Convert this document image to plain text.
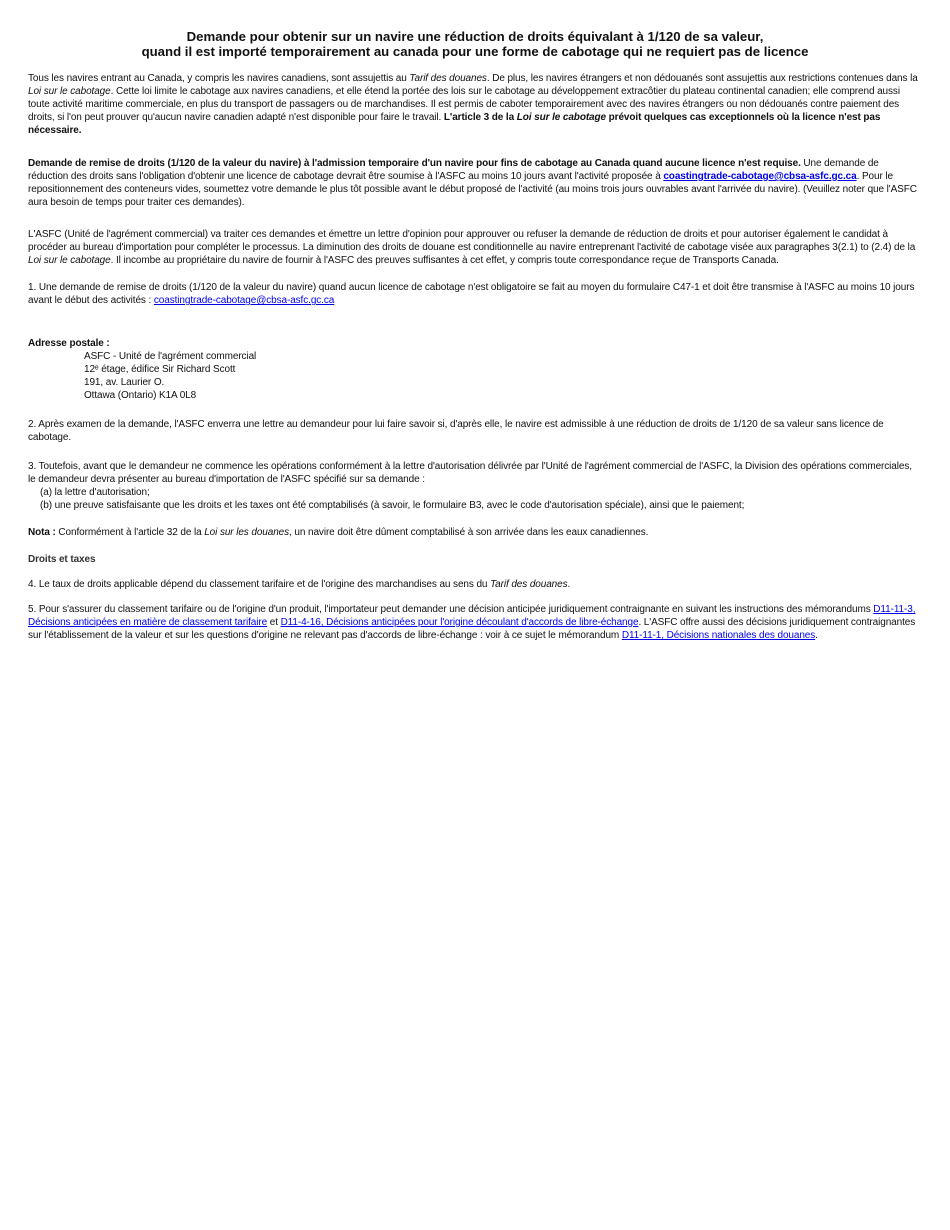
Demande pour obtenir sur un navire une réduction de droits équivalant à 1/120 de sa valeur,
quand il est importé temporairement au canada pour une forme de cabotage qui ne requiert pas de licence

Tous les navires entrant au Canada, y compris les navires canadiens, sont assujettis au Tarif des douanes. De plus, les navires étrangers et non dédouanés sont assujettis aux restrictions contenues dans la Loi sur le cabotage. Cette loi limite le cabotage aux navires canadiens, et elle étend la portée des lois sur le cabotage au développement extracôtier du plateau continental canadien; elle comprend aussi toute activité maritime commerciale, en plus du transport de passagers ou de marchandises. Il est permis de caboter temporairement avec des navires étrangers ou non dédouanés contre paiement des droits, si l'on peut prouver qu'aucun navire canadien adapté n'est disponible pour faire le travail. L'article 3 de la Loi sur le cabotage prévoit quelques cas exceptionnels où la licence n'est pas nécessaire.

Demande de remise de droits (1/120 de la valeur du navire) à l'admission temporaire d'un navire pour fins de cabotage au Canada quand aucune licence n'est requise. Une demande de réduction des droits sans l'obligation d'obtenir une licence de cabotage devrait être soumise à l'ASFC au moins 10 jours avant l'activité proposée à coastingtrade-cabotage@cbsa-asfc.gc.ca. Pour le repositionnement des conteneurs vides, soumettez votre demande le plus tôt possible avant le début proposé de l'activité (au moins trois jours ouvrables avant l'arrivée du navire). (Veuillez noter que l'ASFC aura besoin de temps pour traiter ces demandes).

L'ASFC (Unité de l'agrément commercial) va traiter ces demandes et émettre un lettre d'opinion pour approuver ou refuser la demande de réduction de droits et pour autoriser également le candidat à procéder au bureau d'importation pour compléter le processus. La diminution des droits de douane est conditionnelle au navire entreprenant l'activité de cabotage visée aux paragraphes 3(2.1) to (2.4) de la Loi sur le cabotage. Il incombe au propriétaire du navire de fournir à l'ASFC des preuves suffisantes à cet effet, y compris toute correspondance reçue de Transports Canada.

1. Une demande de remise de droits (1/120 de la valeur du navire) quand aucun licence de cabotage n'est obligatoire se fait au moyen du formulaire C47-1 et doit être transmise à l'ASFC au moins 10 jours avant le début des activités : coastingtrade-cabotage@cbsa-asfc.gc.ca

Adresse postale :

ASFC - Unité de l'agrément commercial
12ᵉ étage, édifice Sir Richard Scott
191, av. Laurier O.
Ottawa (Ontario) K1A 0L8

2. Après examen de la demande, l'ASFC enverra une lettre au demandeur pour lui faire savoir si, d'après elle, le navire est admissible à une réduction de droits de 1/120 de sa valeur sans licence de cabotage.

3. Toutefois, avant que le demandeur ne commence les opérations conformément à la lettre d'autorisation délivrée par l'Unité de l'agrément commercial de l'ASFC, la Division des opérations commerciales, le demandeur devra présenter au bureau d'importation de l'ASFC spécifié sur sa demande :

(a) la lettre d'autorisation;
(b) une preuve satisfaisante que les droits et les taxes ont été comptabilisés (à savoir, le formulaire B3, avec le code d'autorisation spéciale), ainsi que le paiement;

Nota : Conformément à l'article 32 de la Loi sur les douanes, un navire doit être dûment comptabilisé à son arrivée dans les eaux canadiennes.

Droits et taxes

4. Le taux de droits applicable dépend du classement tarifaire et de l'origine des marchandises au sens du Tarif des douanes.

5. Pour s'assurer du classement tarifaire ou de l'origine d'un produit, l'importateur peut demander une décision anticipée juridiquement contraignante en suivant les instructions des mémorandums D11-11-3, Décisions anticipées en matière de classement tarifaire et D11-4-16, Décisions anticipées pour l'origine découlant d'accords de libre-échange. L'ASFC offre aussi des décisions juridiquement contraignantes sur l'établissement de la valeur et sur les questions d'origine ne relevant pas d'accords de libre-échange : voir à ce sujet le mémorandum D11-11-1, Décisions nationales des douanes.
